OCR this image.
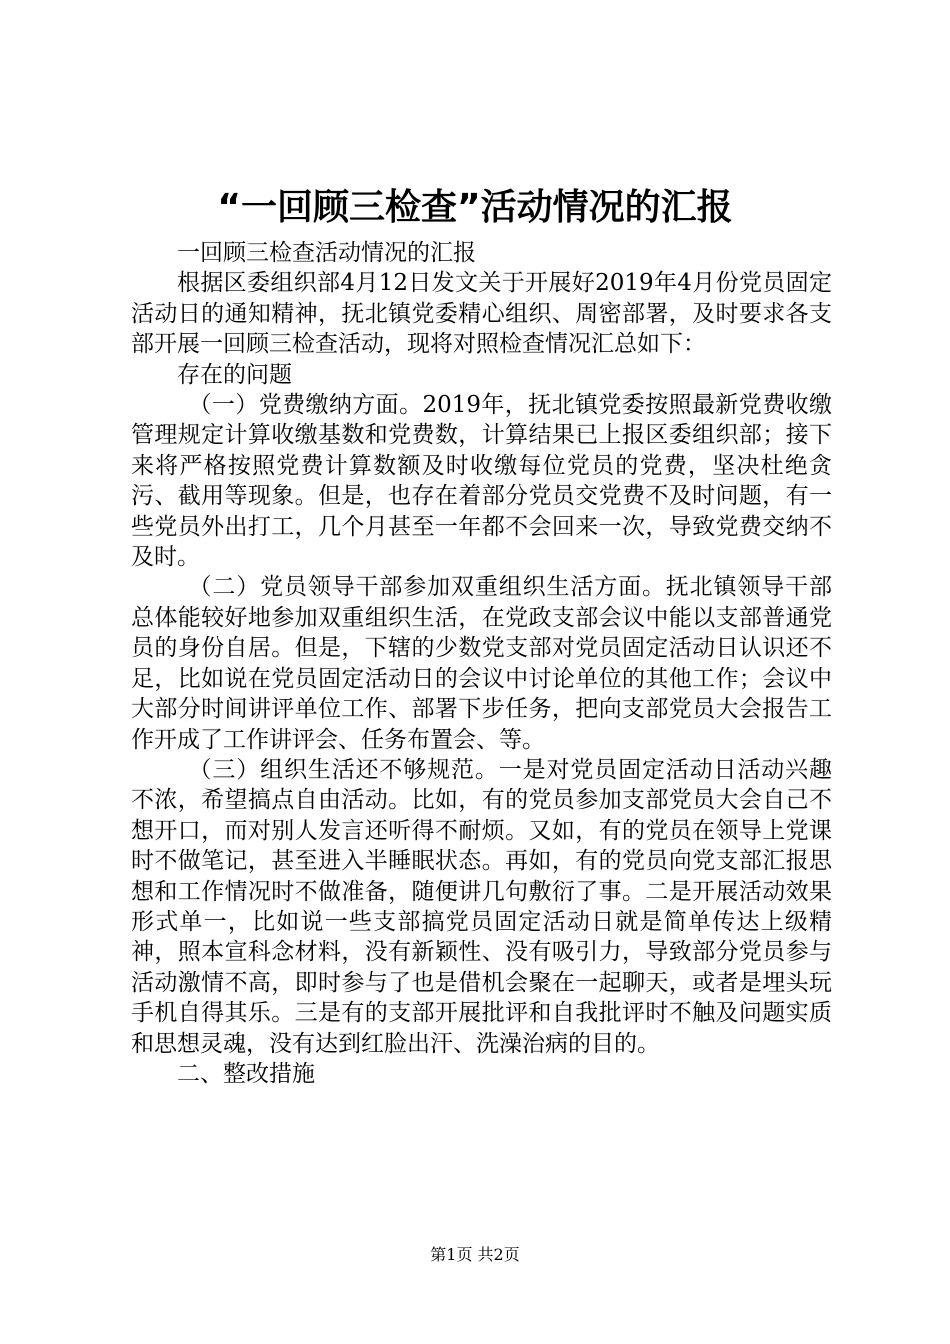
“一回顾三检查”活动情况的汇报

一回顾三检查活动情况的汇报

根据区委组织部4月12日发文关于开展好2019年4月份党员固定活动日的通知精神，抚北镇党委精心组织、周密部署，及时要求各支部开展一回顾三检查活动，现将对照检查情况汇总如下：

存在的问题

（一）党费缴纳方面。2019年，抚北镇党委按照最新党费收缴管理规定计算收缴基数和党费数，计算结果已上报区委组织部；接下来将严格按照党费计算数额及时收缴每位党员的党费，坚决杜绝贪污、截用等现象。但是，也存在着部分党员交党费不及时问题，有一些党员外出打工，几个月甚至一年都不会回来一次，导致党费交纳不及时。

（二）党员领导干部参加双重组织生活方面。抚北镇领导干部总体能较好地参加双重组织生活，在党政支部会议中能以支部普通党员的身份自居。但是，下辖的少数党支部对党员固定活动日认识还不足，比如说在党员固定活动日的会议中讨论单位的其他工作；会议中大部分时间讲评单位工作、部署下步任务，把向支部党员大会报告工作开成了工作讲评会、任务布置会、等。

（三）组织生活还不够规范。一是对党员固定活动日活动兴趣不浓，希望搞点自由活动。比如，有的党员参加支部党员大会自己不想开口，而对别人发言还听得不耐烦。又如，有的党员在领导上党课时不做笔记，甚至进入半睡眠状态。再如，有的党员向党支部汇报思想和工作情况时不做准备，随便讲几句敷衍了事。二是开展活动效果形式单一，比如说一些支部搞党员固定活动日就是简单传达上级精神，照本宣科念材料，没有新颖性、没有吸引力，导致部分党员参与活动激情不高，即时参与了也是借机会聚在一起聊天，或者是埋头玩手机自得其乐。三是有的支部开展批评和自我批评时不触及问题实质和思想灵魂，没有达到红脸出汗、洗澡治病的目的。

二、整改措施

第1页 共2页
